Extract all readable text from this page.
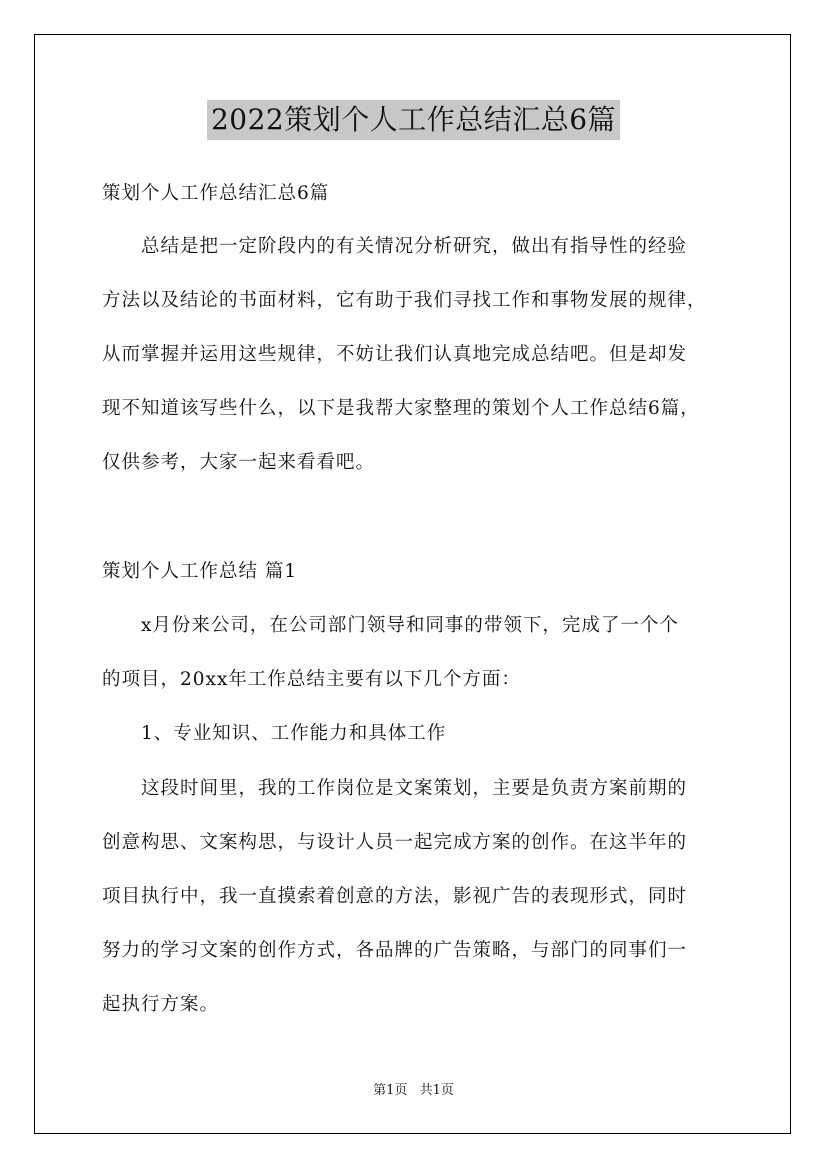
2022策划个人工作总结汇总6篇
策划个人工作总结汇总6篇
总结是把一定阶段内的有关情况分析研究，做出有指导性的经验
方法以及结论的书面材料，它有助于我们寻找工作和事物发展的规律，
从而掌握并运用这些规律，不妨让我们认真地完成总结吧。但是却发
现不知道该写些什么，以下是我帮大家整理的策划个人工作总结6篇，
仅供参考，大家一起来看看吧。
策划个人工作总结 篇1
x月份来公司，在公司部门领导和同事的带领下，完成了一个个
的项目，20xx年工作总结主要有以下几个方面：
1、专业知识、工作能力和具体工作
这段时间里，我的工作岗位是文案策划，主要是负责方案前期的
创意构思、文案构思，与设计人员一起完成方案的创作。在这半年的
项目执行中，我一直摸索着创意的方法，影视广告的表现形式，同时
努力的学习文案的创作方式，各品牌的广告策略，与部门的同事们一
起执行方案。
第1页 共1页
